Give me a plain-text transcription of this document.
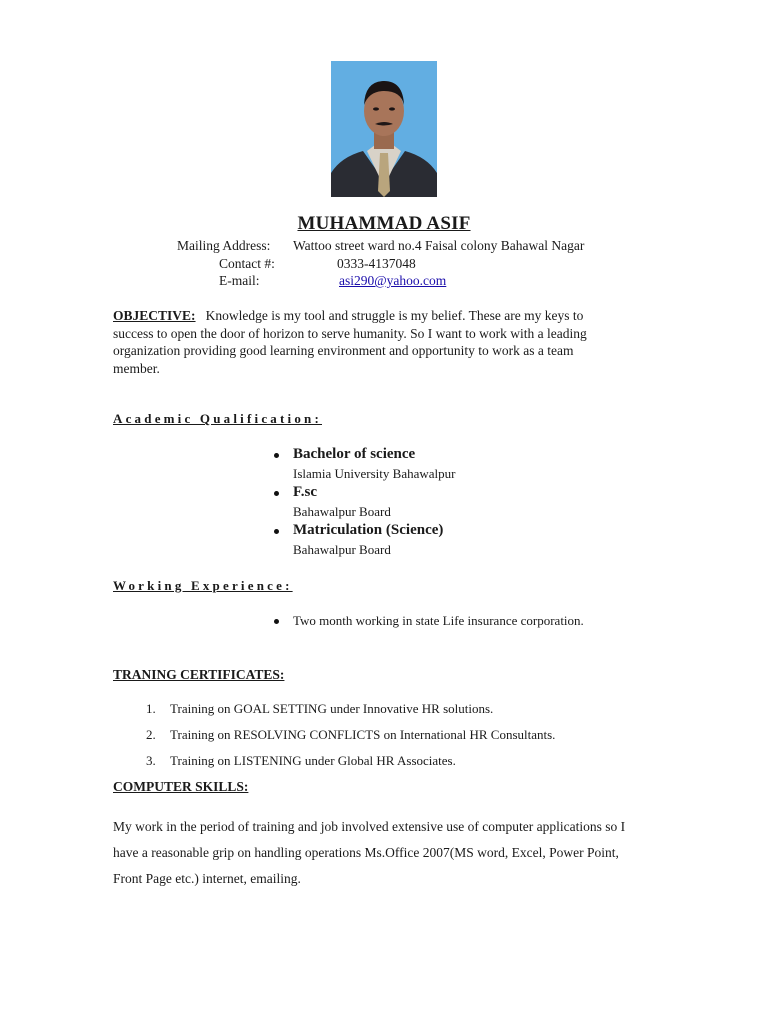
MUHAMMAD ASIF
Mailing Address: Wattoo street ward no.4 Faisal colony Bahawal Nagar
Contact #:	0333-4137048
E-mail:	asi290@yahoo.com
OBJECTIVE: Knowledge is my tool and struggle is my belief. These are my keys to
success to open the door of horizon to serve humanity. So I want to work with a leading
organization providing good learning environment and opportunity to work as a team
member.
Academic Qualification:
Bachelor of science
Islamia University Bahawalpur
F.sc
Bahawalpur Board
Matriculation (Science)
Bahawalpur Board
Working Experience:
Two month working in state Life insurance corporation.
TRANING CERTIFICATES:
1. Training on GOAL SETTING under Innovative HR solutions.
2. Training on RESOLVING CONFLICTS on International HR Consultants.
3. Training on LISTENING under Global HR Associates.
COMPUTER SKILLS:
My work in the period of training and job involved extensive use of computer applications so I
have a reasonable grip on handling operations Ms.Office 2007(MS word, Excel, Power Point,
Front Page etc.) internet, emailing.
